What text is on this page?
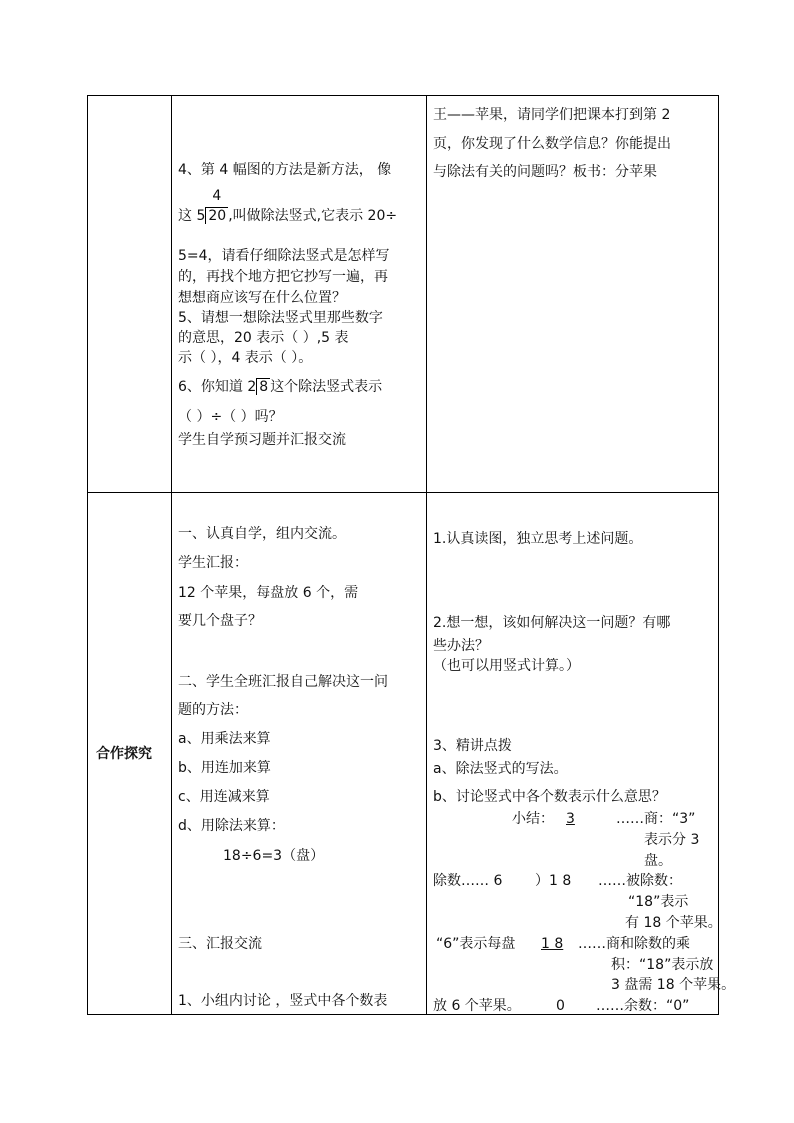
4、第 4 幅图的方法是新方法， 像
这 5
4
20 ,叫做除法竖式,它表示 20÷
5=4，请看仔细除法竖式是怎样写
的，再找个地方把它抄写一遍，再
想想商应该写在什么位置？
5、请想一想除法竖式里那些数字
的意思，20 表示（ ）,5 表
示（ ），4 表示（ ）。
6、你知道 2 8 这个除法竖式表示
（ ）÷（ ）吗？
学生自学预习题并汇报交流
王——苹果，请同学们把课本打到第 2
页，你发现了什么数学信息？你能提出
与除法有关的问题吗？板书：分苹果
合作探究
一、认真自学，组内交流。
学生汇报：
12 个苹果，每盘放 6 个，需
要几个盘子？
二、学生全班汇报自己解决这一问
题的方法：
a、用乘法来算
b、用连加来算
c、用连减来算
d、用除法来算：
18÷6=3（盘）
三、汇报交流
1、小组内讨论 ，竖式中各个数表
1.认真读图，独立思考上述问题。
2.想一想，该如何解决这一问题？有哪
些办法？
（也可以用竖式计算。）
3、精讲点拨
a、除法竖式的写法。
b、讨论竖式中各个数表示什么意思？
小结： 3	……商：“3”
表示分 3
盘。
除数…… 6 ）1 8 ……被除数：
“18”表示
有 18 个苹果。
“6”表示每盘 1 8 ……商和除数的乘
积：“18”表示放
3 盘需 18 个苹果。
放 6 个苹果。	0 ……余数：“0”
